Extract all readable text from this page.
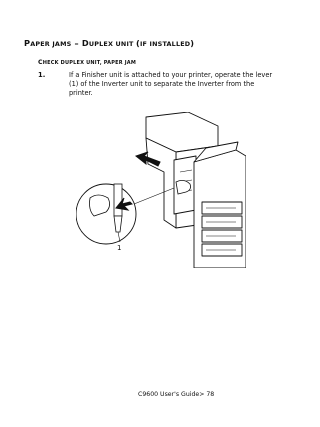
PAPER JAMS – DUPLEX UNIT (IF INSTALLED)
CHECK DUPLEX UNIT, PAPER JAM
1.	If a Finisher unit is attached to your printer, operate the lever (1) of the Inverter unit to separate the Inverter from the printer.
1
C9600 User's Guide> 78
